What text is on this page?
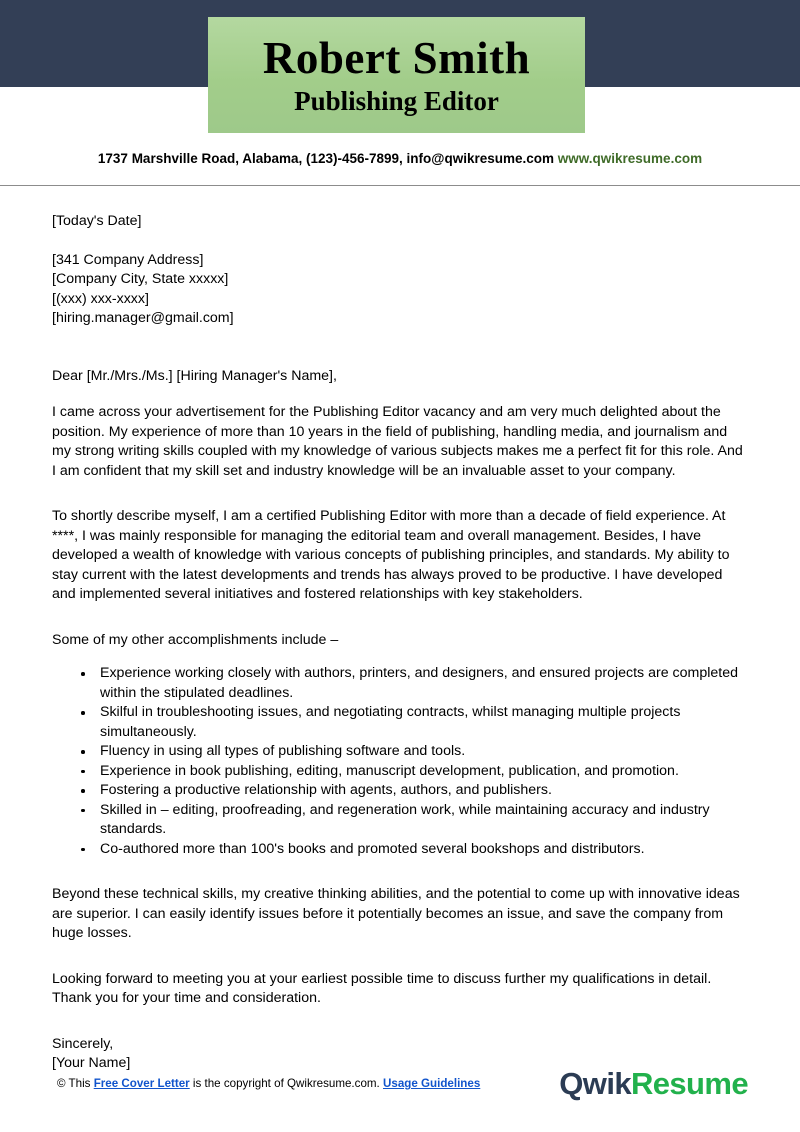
Robert Smith
Publishing Editor
1737 Marshville Road, Alabama, (123)-456-7899, info@qwikresume.com www.qwikresume.com
[Today's Date]
[341 Company Address]
[Company City, State xxxxx]
[(xxx) xxx-xxxx]
[hiring.manager@gmail.com]
Dear [Mr./Mrs./Ms.] [Hiring Manager's Name],
I came across your advertisement for the Publishing Editor vacancy and am very much delighted about the position. My experience of more than 10 years in the field of publishing, handling media, and journalism and my strong writing skills coupled with my knowledge of various subjects makes me a perfect fit for this role. And I am confident that my skill set and industry knowledge will be an invaluable asset to your company.
To shortly describe myself, I am a certified Publishing Editor with more than a decade of field experience. At ****, I was mainly responsible for managing the editorial team and overall management. Besides, I have developed a wealth of knowledge with various concepts of publishing principles, and standards. My ability to stay current with the latest developments and trends has always proved to be productive. I have developed and implemented several initiatives and fostered relationships with key stakeholders.
Some of my other accomplishments include –
Experience working closely with authors, printers, and designers, and ensured projects are completed within the stipulated deadlines.
Skilful in troubleshooting issues, and negotiating contracts, whilst managing multiple projects simultaneously.
Fluency in using all types of publishing software and tools.
Experience in book publishing, editing, manuscript development, publication, and promotion.
Fostering a productive relationship with agents, authors, and publishers.
Skilled in – editing, proofreading, and regeneration work, while maintaining accuracy and industry standards.
Co-authored more than 100's books and promoted several bookshops and distributors.
Beyond these technical skills, my creative thinking abilities, and the potential to come up with innovative ideas are superior. I can easily identify issues before it potentially becomes an issue, and save the company from huge losses.
Looking forward to meeting you at your earliest possible time to discuss further my qualifications in detail. Thank you for your time and consideration.
Sincerely,
[Your Name]
© This Free Cover Letter is the copyright of Qwikresume.com. Usage Guidelines	QwikResume
